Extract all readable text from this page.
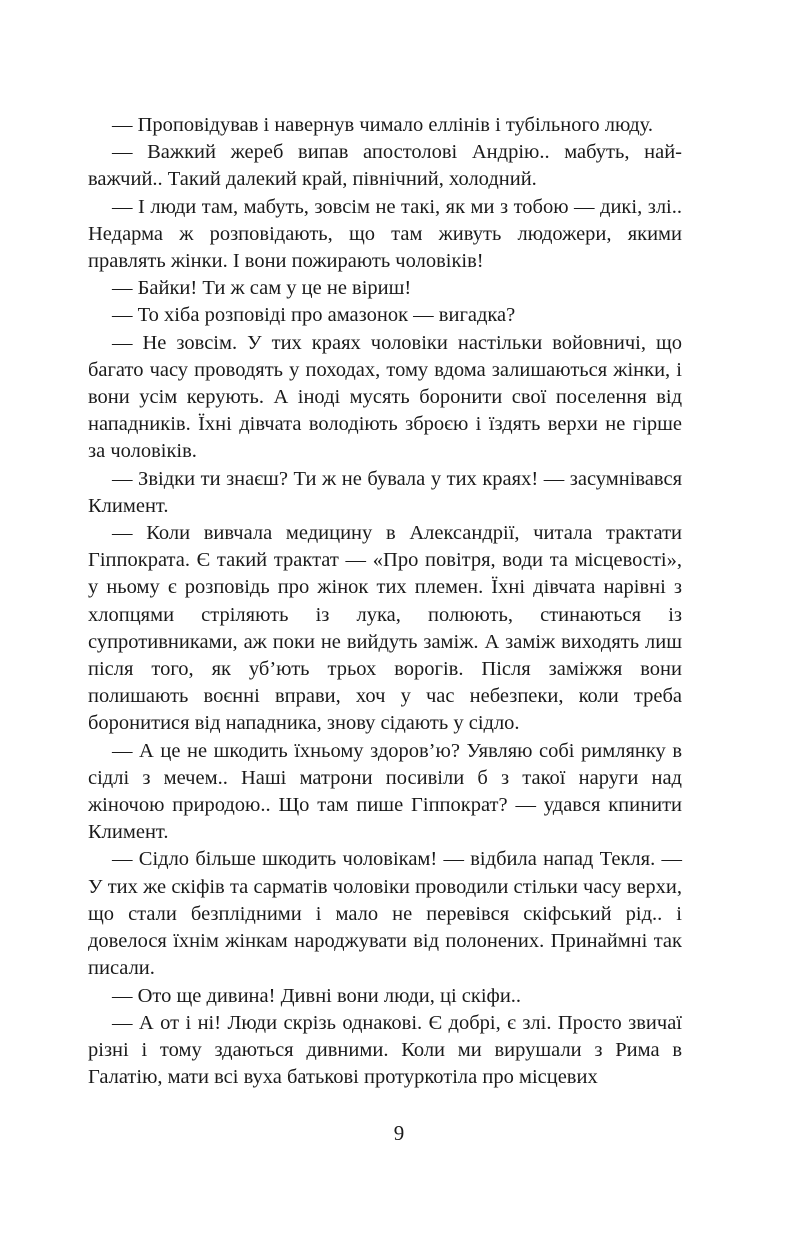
— Проповідував і навернув чимало еллінів і тубільного люду.

— Важкий жереб випав апостолові Андрію.. мабуть, найважчий.. Такий далекий край, північний, холодний.

— І люди там, мабуть, зовсім не такі, як ми з тобою — дикі, злі.. Недарма ж розповідають, що там живуть людожери, якими правлять жінки. І вони пожирають чоловіків!

— Байки! Ти ж сам у це не віриш!

— То хіба розповіді про амазонок — вигадка?

— Не зовсім. У тих краях чоловіки настільки войовничі, що багато часу проводять у походах, тому вдома залишаються жінки, і вони усім керують. А іноді мусять боронити свої поселення від нападників. Їхні дівчата володіють зброєю і їздять верхи не гірше за чоловіків.

— Звідки ти знаєш? Ти ж не бувала у тих краях! — засумнівався Климент.

— Коли вивчала медицину в Александрії, читала трактати Гіппократа. Є такий трактат — «Про повітря, води та місцевості», у ньому є розповідь про жінок тих племен. Їхні дівчата нарівні з хлопцями стріляють із лука, полюють, стинаються із супротивниками, аж поки не вийдуть заміж. А заміж виходять лиш після того, як уб’ють трьох ворогів. Після заміжжя вони полишають воєнні вправи, хоч у час небезпеки, коли треба боронитися від нападника, знову сідають у сідло.

— А це не шкодить їхньому здоров’ю? Уявляю собі римлянку в сідлі з мечем.. Наші матрони посивіли б з такої наруги над жіночою природою.. Що там пише Гіппократ? — удався кпинити Климент.

— Сідло більше шкодить чоловікам! — відбила напад Текля. — У тих же скіфів та сарматів чоловіки проводили стільки часу верхи, що стали безплідними і мало не перевівся скіфський рід.. і довелося їхнім жінкам народжувати від полонених. Принаймні так писали.

— Ото ще дивина! Дивні вони люди, ці скіфи..

— А от і ні! Люди скрізь однакові. Є добрі, є злі. Просто звичаї різні і тому здаються дивними. Коли ми вирушали з Рима в Галатію, мати всі вуха батькові протуркотіла про місцевих

9
